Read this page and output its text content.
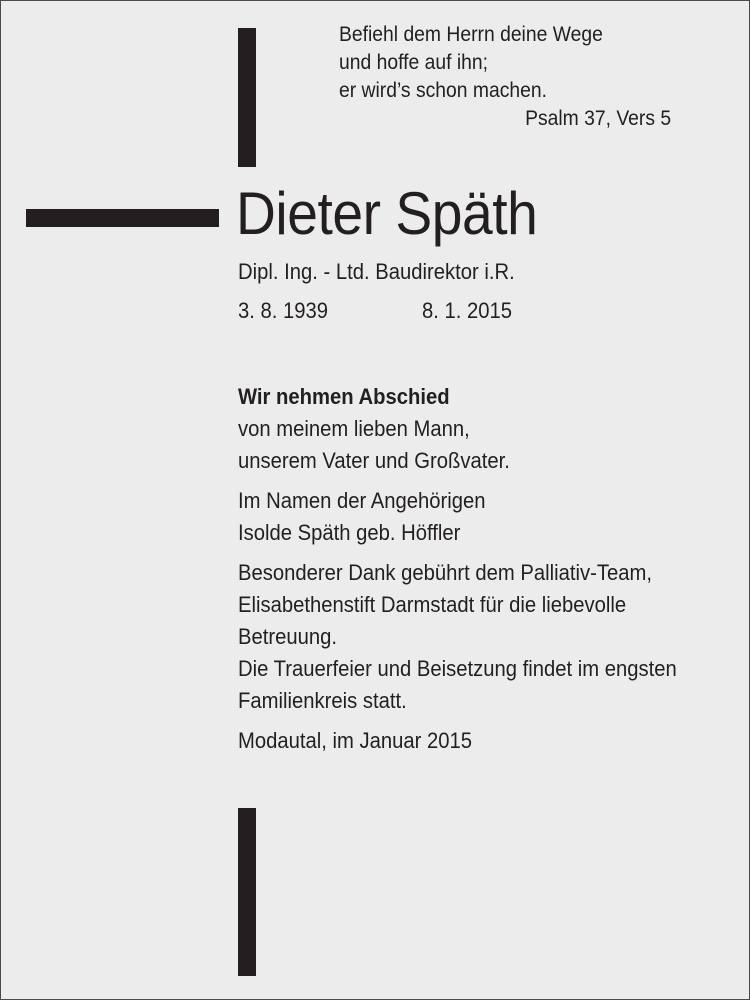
Befiehl dem Herrn deine Wege
und hoffe auf ihn;
er wird’s schon machen.
Psalm 37, Vers 5
Dieter Späth
Dipl. Ing. - Ltd. Baudirektor i.R.
3. 8. 1939	8. 1. 2015
Wir nehmen Abschied
von meinem lieben Mann,
unserem Vater und Großvater.
Im Namen der Angehörigen
Isolde Späth geb. Höffler
Besonderer Dank gebührt dem Palliativ-Team,
Elisabethenstift Darmstadt für die liebevolle
Betreuung.
Die Trauerfeier und Beisetzung findet im engsten
Familienkreis statt.
Modautal, im Januar 2015
